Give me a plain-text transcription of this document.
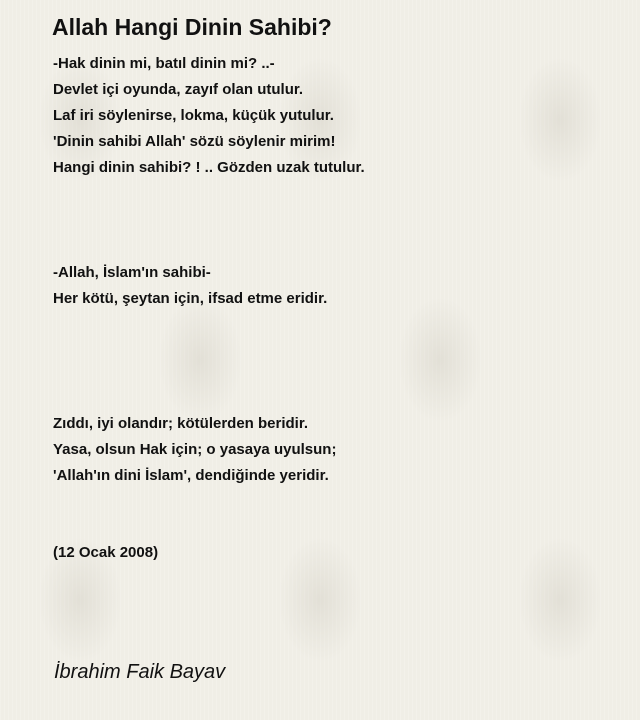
Allah Hangi Dinin Sahibi?
-Hak dinin mi, batıl dinin mi? ..-
Devlet içi oyunda, zayıf olan utulur.
Laf iri söylenirse, lokma, küçük yutulur.
'Dinin sahibi Allah' sözü söylenir mirim!
Hangi dinin sahibi? ! .. Gözden uzak tutulur.
-Allah, İslam'ın sahibi-
Her kötü, şeytan için, ifsad etme eridir.
Zıddı, iyi olandır; kötülerden beridir.
Yasa, olsun Hak için; o yasaya uyulsun;
'Allah'ın dini İslam', dendiğinde yeridir.
(12 Ocak 2008)

İbrahim Faik Bayav
